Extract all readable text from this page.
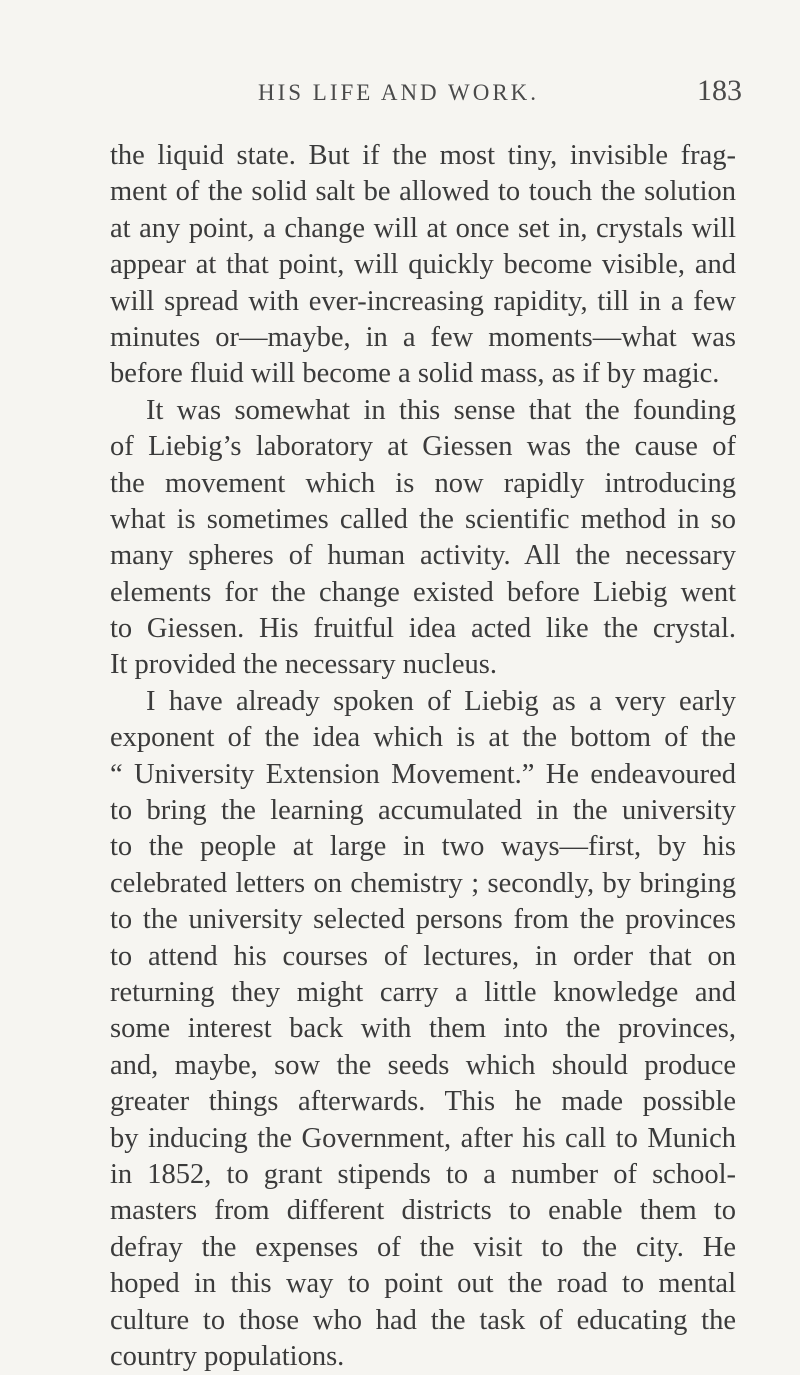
HIS LIFE AND WORK.	183
the liquid state. But if the most tiny, invisible frag-
ment of the solid salt be allowed to touch the solution
at any point, a change will at once set in, crystals will
appear at that point, will quickly become visible, and
will spread with ever-increasing rapidity, till in a few
minutes or—maybe, in a few moments—what was
before fluid will become a solid mass, as if by magic.
It was somewhat in this sense that the founding
of Liebig’s laboratory at Giessen was the cause of
the movement which is now rapidly introducing
what is sometimes called the scientific method in so
many spheres of human activity. All the necessary
elements for the change existed before Liebig went
to Giessen. His fruitful idea acted like the crystal.
It provided the necessary nucleus.
I have already spoken of Liebig as a very early
exponent of the idea which is at the bottom of the
“ University Extension Movement.” He endeavoured
to bring the learning accumulated in the university
to the people at large in two ways—first, by his
celebrated letters on chemistry ; secondly, by bringing
to the university selected persons from the provinces
to attend his courses of lectures, in order that on
returning they might carry a little knowledge and
some interest back with them into the provinces,
and, maybe, sow the seeds which should produce
greater things afterwards. This he made possible
by inducing the Government, after his call to Munich
in 1852, to grant stipends to a number of school-
masters from different districts to enable them to
defray the expenses of the visit to the city. He
hoped in this way to point out the road to mental
culture to those who had the task of educating the
country populations.
